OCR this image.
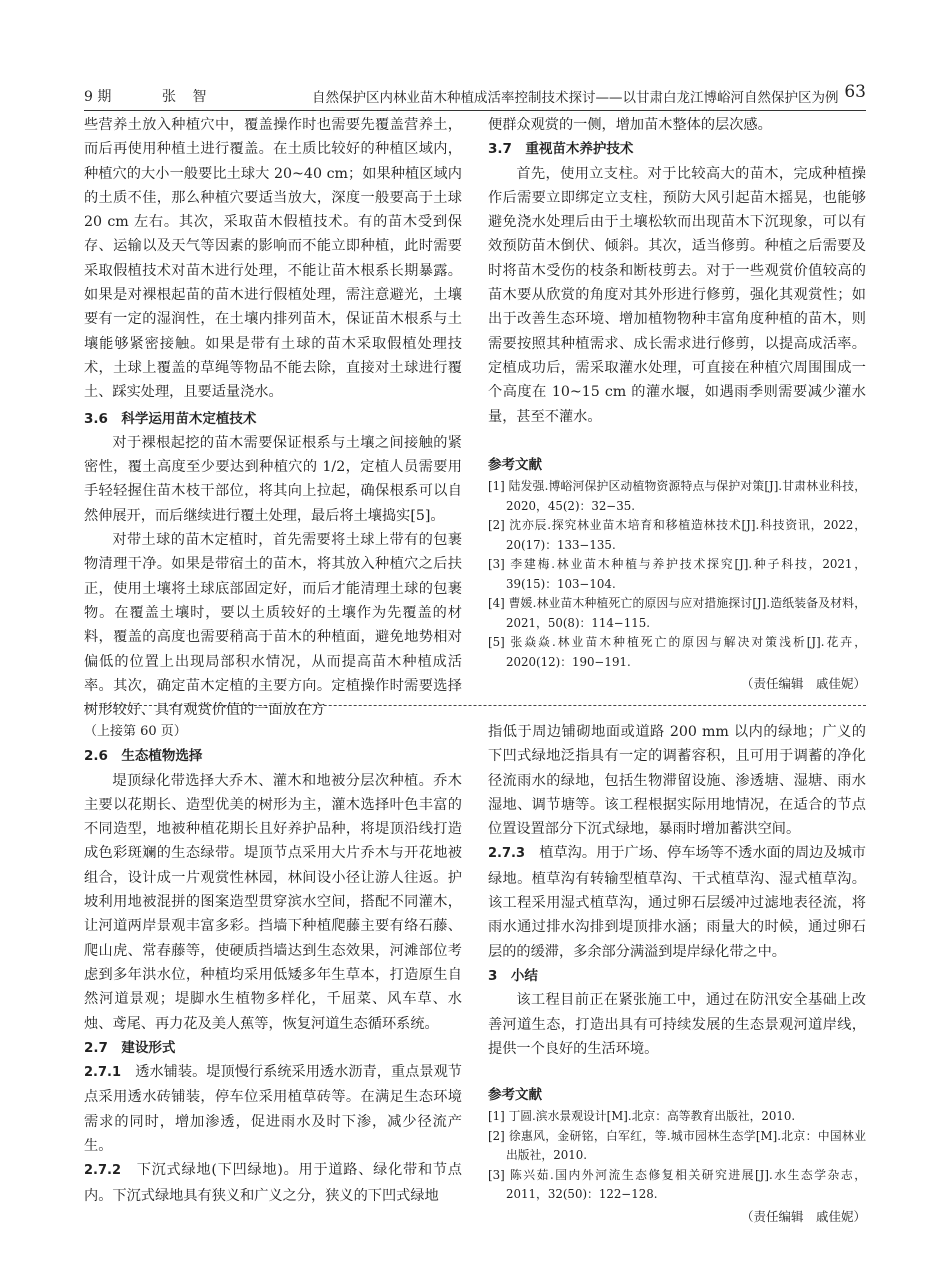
9 期	张 智	自然保护区内林业苗木种植成活率控制技术探讨——以甘肃白龙江博峪河自然保护区为例 63

些营养土放入种植穴中，覆盖操作时也需要先覆盖营养土，而后再使用种植土进行覆盖。在土质比较好的种植区域内，种植穴的大小一般要比土球大 20~40 cm；如果种植区域内的土质不佳，那么种植穴要适当放大，深度一般要高于土球 20 cm 左右。其次，采取苗木假植技术。有的苗木受到保存、运输以及天气等因素的影响而不能立即种植，此时需要采取假植技术对苗木进行处理，不能让苗木根系长期暴露。如果是对裸根起苗的苗木进行假植处理，需注意避光，土壤要有一定的湿润性，在土壤内排列苗木，保证苗木根系与土壤能够紧密接触。如果是带有土球的苗木采取假植处理技术，土球上覆盖的草绳等物品不能去除，直接对土球进行覆土、踩实处理，且要适量浇水。

3.6　科学运用苗木定植技术

对于裸根起挖的苗木需要保证根系与土壤之间接触的紧密性，覆土高度至少要达到种植穴的 1/2，定植人员需要用手轻轻握住苗木枝干部位，将其向上拉起，确保根系可以自然伸展开，而后继续进行覆土处理，最后将土壤捣实[5]。

对带土球的苗木定植时，首先需要将土球上带有的包裹物清理干净。如果是带宿土的苗木，将其放入种植穴之后扶正，使用土壤将土球底部固定好，而后才能清理土球的包裹物。在覆盖土壤时，要以土质较好的土壤作为先覆盖的材料，覆盖的高度也需要稍高于苗木的种植面，避免地势相对偏低的位置上出现局部积水情况，从而提高苗木种植成活率。其次，确定苗木定植的主要方向。定植操作时需要选择树形较好、具有观赏价值的一面放在方

便群众观赏的一侧，增加苗木整体的层次感。

3.7　重视苗木养护技术

首先，使用立支柱。对于比较高大的苗木，完成种植操作后需要立即绑定立支柱，预防大风引起苗木摇晃，也能够避免浇水处理后由于土壤松软而出现苗木下沉现象，可以有效预防苗木倒伏、倾斜。其次，适当修剪。种植之后需要及时将苗木受伤的枝条和断枝剪去。对于一些观赏价值较高的苗木要从欣赏的角度对其外形进行修剪，强化其观赏性；如出于改善生态环境、增加植物物种丰富角度种植的苗木，则需要按照其种植需求、成长需求进行修剪，以提高成活率。定植成功后，需采取灌水处理，可直接在种植穴周围围成一个高度在 10~15 cm 的灌水堰，如遇雨季则需要减少灌水量，甚至不灌水。

参考文献

[1] 陆发强.博峪河保护区动植物资源特点与保护对策[J].甘肃林业科技，2020，45(2)：32−35.

[2] 沈亦辰.探究林业苗木培育和移植造林技术[J].科技资讯，2022，20(17)：133−135.

[3] 李建梅.林业苗木种植与养护技术探究[J].种子科技，2021，39(15)：103−104.

[4] 曹媛.林业苗木种植死亡的原因与应对措施探讨[J].造纸装备及材料，2021，50(8)：114−115.

[5] 张焱焱.林业苗木种植死亡的原因与解决对策浅析[J].花卉，2020(12)：190−191.

（责任编辑　戚佳妮）

（上接第 60 页）

2.6　生态植物选择

堤顶绿化带选择大乔木、灌木和地被分层次种植。乔木主要以花期长、造型优美的树形为主，灌木选择叶色丰富的不同造型，地被种植花期长且好养护品种，将堤顶沿线打造成色彩斑斓的生态绿带。堤顶节点采用大片乔木与开花地被组合，设计成一片观赏性林园，林间设小径让游人往返。护坡利用地被混拼的图案造型贯穿滨水空间，搭配不同灌木，让河道两岸景观丰富多彩。挡墙下种植爬藤主要有络石藤、爬山虎、常春藤等，使硬质挡墙达到生态效果，河滩部位考虑到多年洪水位，种植均采用低矮多年生草本，打造原生自然河道景观；堤脚水生植物多样化，千屈菜、风车草、水烛、鸢尾、再力花及美人蕉等，恢复河道生态循环系统。

2.7　建设形式

2.7.1　 透水铺装。堤顶慢行系统采用透水沥青，重点景观节点采用透水砖铺装，停车位采用植草砖等。在满足生态环境需求的同时，增加渗透，促进雨水及时下渗，减少径流产生。

2.7.2　 下沉式绿地(下凹绿地)。用于道路、绿化带和节点内。下沉式绿地具有狭义和广义之分，狭义的下凹式绿地

指低于周边铺砌地面或道路 200 mm 以内的绿地；广义的下凹式绿地泛指具有一定的调蓄容积，且可用于调蓄的净化径流雨水的绿地，包括生物滞留设施、渗透塘、湿塘、雨水湿地、调节塘等。该工程根据实际用地情况，在适合的节点位置设置部分下沉式绿地，暴雨时增加蓄洪空间。

2.7.3　 植草沟。用于广场、停车场等不透水面的周边及城市绿地。植草沟有转输型植草沟、干式植草沟、湿式植草沟。该工程采用湿式植草沟，通过卵石层缓冲过滤地表径流，将雨水通过排水沟排到堤顶排水涵；雨量大的时候，通过卵石层的的缓滞，多余部分满溢到堤岸绿化带之中。

3　小结

该工程目前正在紧张施工中，通过在防汛安全基础上改善河道生态，打造出具有可持续发展的生态景观河道岸线，提供一个良好的生活环境。

参考文献

[1] 丁圆.滨水景观设计[M].北京：高等教育出版社，2010.

[2] 徐惠风，金研铭，白军红，等.城市园林生态学[M].北京：中国林业出版社，2010.

[3] 陈兴茹.国内外河流生态修复相关研究进展[J].水生态学杂志，2011，32(50)：122−128.

（责任编辑　戚佳妮）
